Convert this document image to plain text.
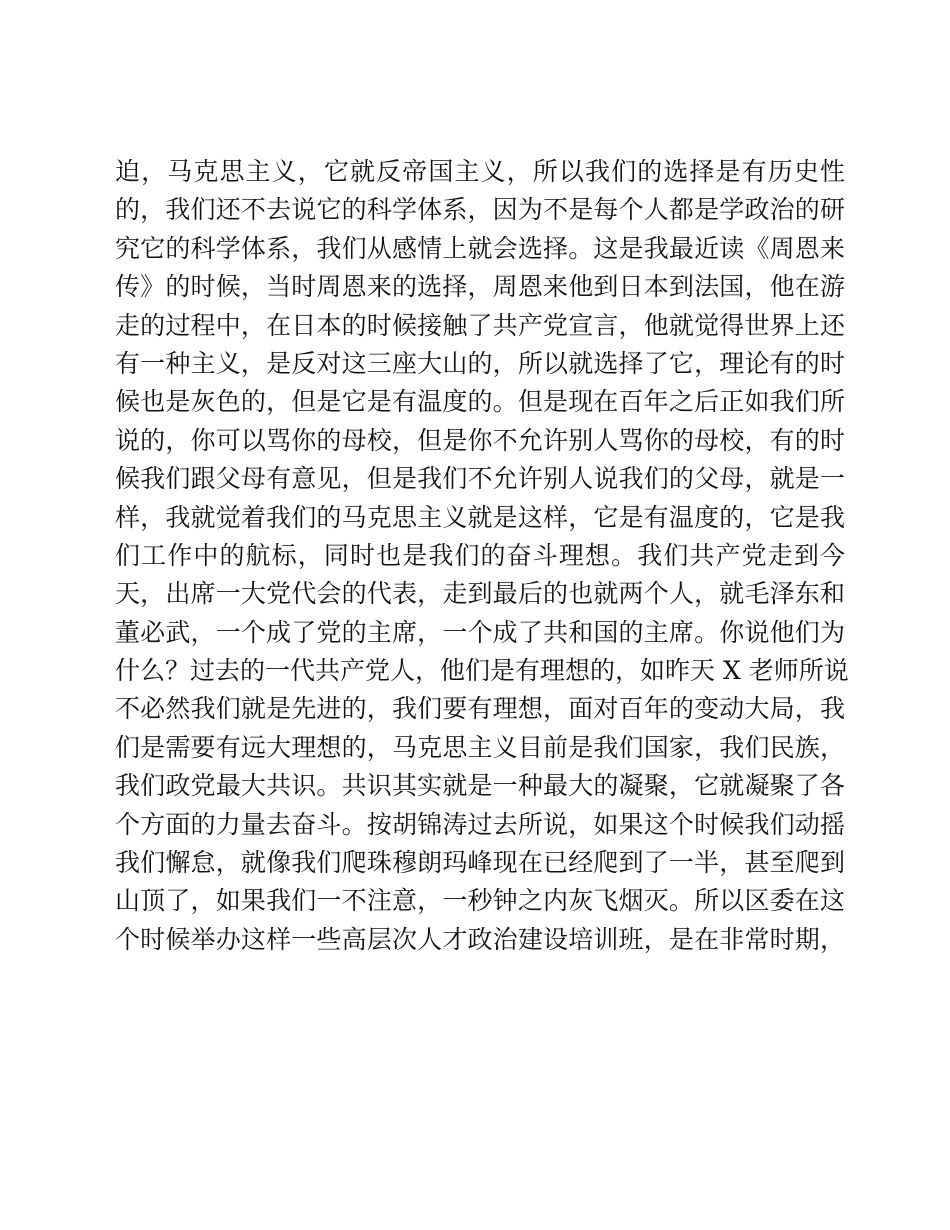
迫，马克思主义，它就反帝国主义，所以我们的选择是有历史性
的，我们还不去说它的科学体系，因为不是每个人都是学政治的研
究它的科学体系，我们从感情上就会选择。这是我最近读《周恩来
传》的时候，当时周恩来的选择，周恩来他到日本到法国，他在游
走的过程中，在日本的时候接触了共产党宣言，他就觉得世界上还
有一种主义，是反对这三座大山的，所以就选择了它，理论有的时
候也是灰色的，但是它是有温度的。但是现在百年之后正如我们所
说的，你可以骂你的母校，但是你不允许别人骂你的母校，有的时
候我们跟父母有意见，但是我们不允许别人说我们的父母，就是一
样，我就觉着我们的马克思主义就是这样，它是有温度的，它是我
们工作中的航标，同时也是我们的奋斗理想。我们共产党走到今
天，出席一大党代会的代表，走到最后的也就两个人，就毛泽东和
董必武，一个成了党的主席，一个成了共和国的主席。你说他们为
什么？过去的一代共产党人，他们是有理想的，如昨天 X 老师所说
不必然我们就是先进的，我们要有理想，面对百年的变动大局，我
们是需要有远大理想的，马克思主义目前是我们国家，我们民族，
我们政党最大共识。共识其实就是一种最大的凝聚，它就凝聚了各
个方面的力量去奋斗。按胡锦涛过去所说，如果这个时候我们动摇
我们懈怠，就像我们爬珠穆朗玛峰现在已经爬到了一半，甚至爬到
山顶了，如果我们一不注意，一秒钟之内灰飞烟灭。所以区委在这
个时候举办这样一些高层次人才政治建设培训班，是在非常时期，
